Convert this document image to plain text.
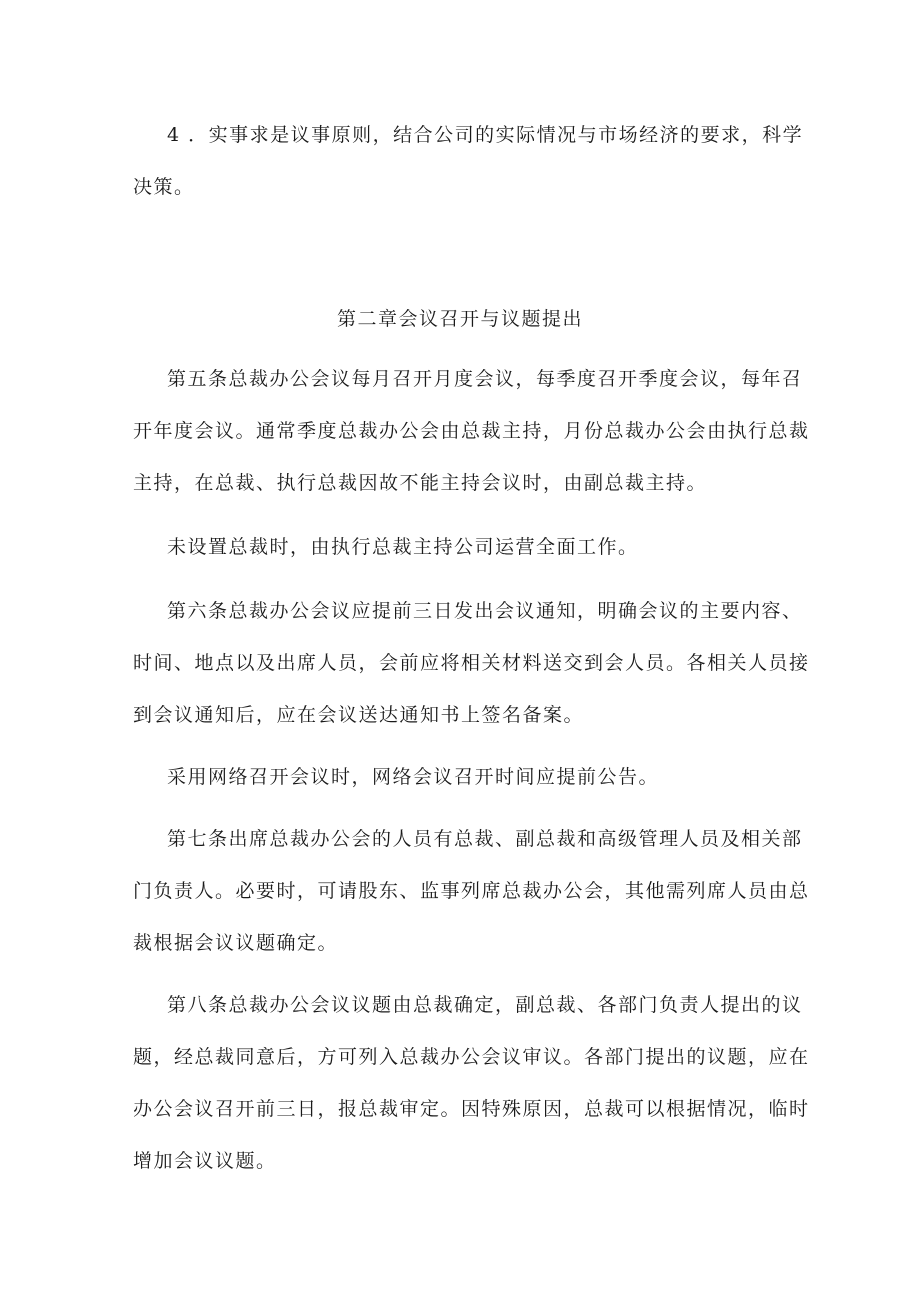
4 ．实事求是议事原则，结合公司的实际情况与市场经济的要求，科学
决策。
第二章会议召开与议题提出
第五条总裁办公会议每月召开月度会议，每季度召开季度会议，每年召
开年度会议。通常季度总裁办公会由总裁主持，月份总裁办公会由执行总裁
主持，在总裁、执行总裁因故不能主持会议时，由副总裁主持。
未设置总裁时，由执行总裁主持公司运营全面工作。
第六条总裁办公会议应提前三日发出会议通知，明确会议的主要内容、
时间、地点以及出席人员，会前应将相关材料送交到会人员。各相关人员接
到会议通知后，应在会议送达通知书上签名备案。
采用网络召开会议时，网络会议召开时间应提前公告。
第七条出席总裁办公会的人员有总裁、副总裁和高级管理人员及相关部
门负责人。必要时，可请股东、监事列席总裁办公会，其他需列席人员由总
裁根据会议议题确定。
第八条总裁办公会议议题由总裁确定，副总裁、各部门负责人提出的议
题，经总裁同意后，方可列入总裁办公会议审议。各部门提出的议题，应在
办公会议召开前三日，报总裁审定。因特殊原因，总裁可以根据情况，临时
增加会议议题。
